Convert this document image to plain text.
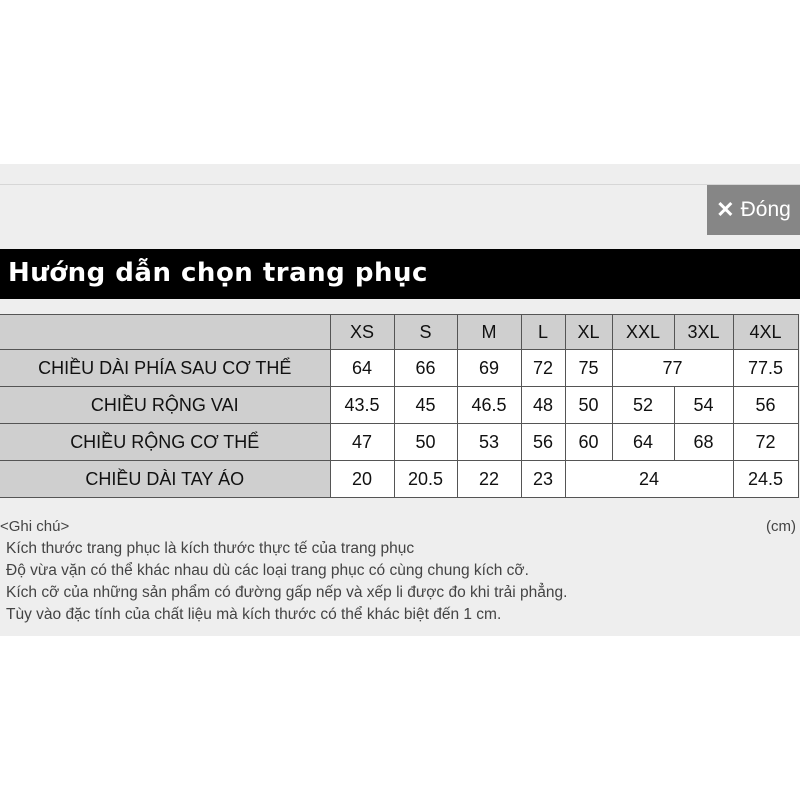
✕ Đóng
Hướng dẫn chọn trang phục
	XS	S	M	L	XL	XXL	3XL	4XL
CHIỀU DÀI PHÍA SAU CƠ THỂ	64	66	69	72	75	77		77.5
CHIỀU RỘNG VAI	43.5	45	46.5	48	50	52	54	56
CHIỀU RỘNG CƠ THỂ	47	50	53	56	60	64	68	72
CHIỀU DÀI TAY ÁO	20	20.5	22	23	24			24.5
<Ghi chú>	(cm)
Kích thước trang phục là kích thước thực tế của trang phục
Độ vừa vặn có thể khác nhau dù các loại trang phục có cùng chung kích cỡ.
Kích cỡ của những sản phẩm có đường gấp nếp và xếp li được đo khi trải phẳng.
Tùy vào đặc tính của chất liệu mà kích thước có thể khác biệt đến 1 cm.
